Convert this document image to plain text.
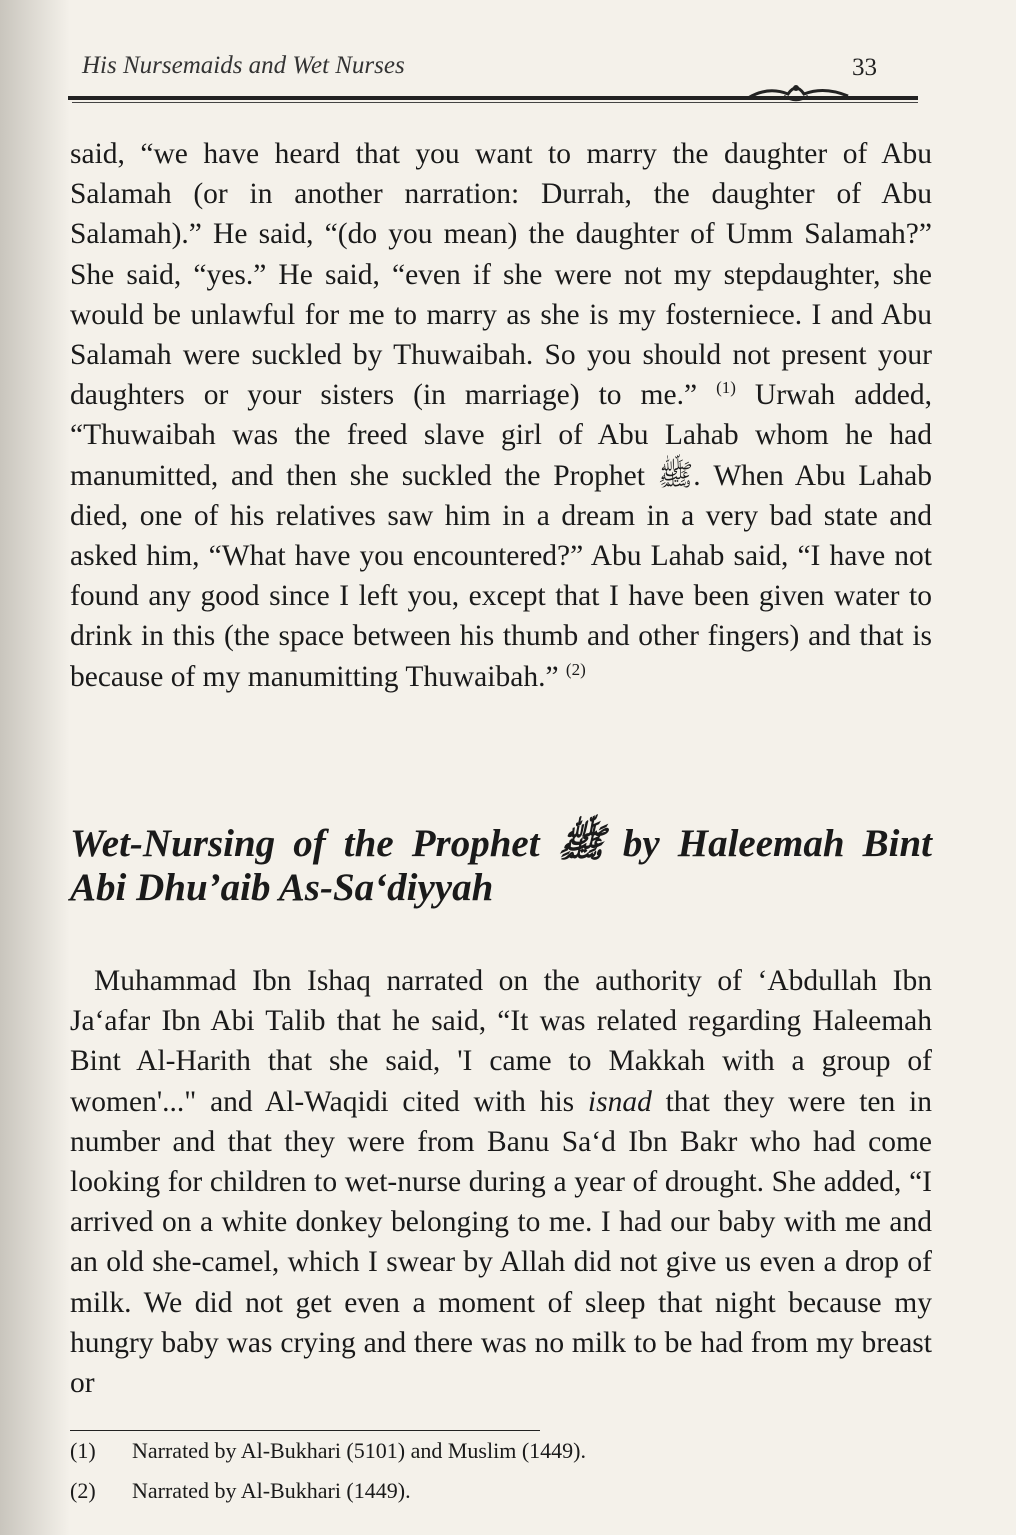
His Nursemaids and Wet Nurses	33
said, “we have heard that you want to marry the daughter of Abu Salamah (or in another narration: Durrah, the daughter of Abu Salamah).” He said, “(do you mean) the daughter of Umm Salamah?” She said, “yes.” He said, “even if she were not my stepdaughter, she would be unlawful for me to marry as she is my fosterniece. I and Abu Salamah were suckled by Thuwaibah. So you should not present your daughters or your sisters (in marriage) to me.” $^{(1)}$ Urwah added, “Thuwaibah was the freed slave girl of Abu Lahab whom he had manumitted, and then she suckled the Prophet ﷺ. When Abu Lahab died, one of his relatives saw him in a dream in a very bad state and asked him, “What have you encountered?” Abu Lahab said, “I have not found any good since I left you, except that I have been given water to drink in this (the space between his thumb and other fingers) and that is because of my manumitting Thuwaibah.” $^{(2)}$
Wet-Nursing of the Prophet ﷺ by Haleemah Bint Abi Dhu’aib As-Sa‘diyyah
Muhammad Ibn Ishaq narrated on the authority of ‘Abdullah Ibn Ja‘afar Ibn Abi Talib that he said, “It was related regarding Haleemah Bint Al-Harith that she said, 'I came to Makkah with a group of women'..." and Al-Waqidi cited with his isnad that they were ten in number and that they were from Banu Sa‘d Ibn Bakr who had come looking for children to wet-nurse during a year of drought. She added, “I arrived on a white donkey belonging to me. I had our baby with me and an old she-camel, which I swear by Allah did not give us even a drop of milk. We did not get even a moment of sleep that night because my hungry baby was crying and there was no milk to be had from my breast or
(1) Narrated by Al-Bukhari (5101) and Muslim (1449).
(2) Narrated by Al-Bukhari (1449).
